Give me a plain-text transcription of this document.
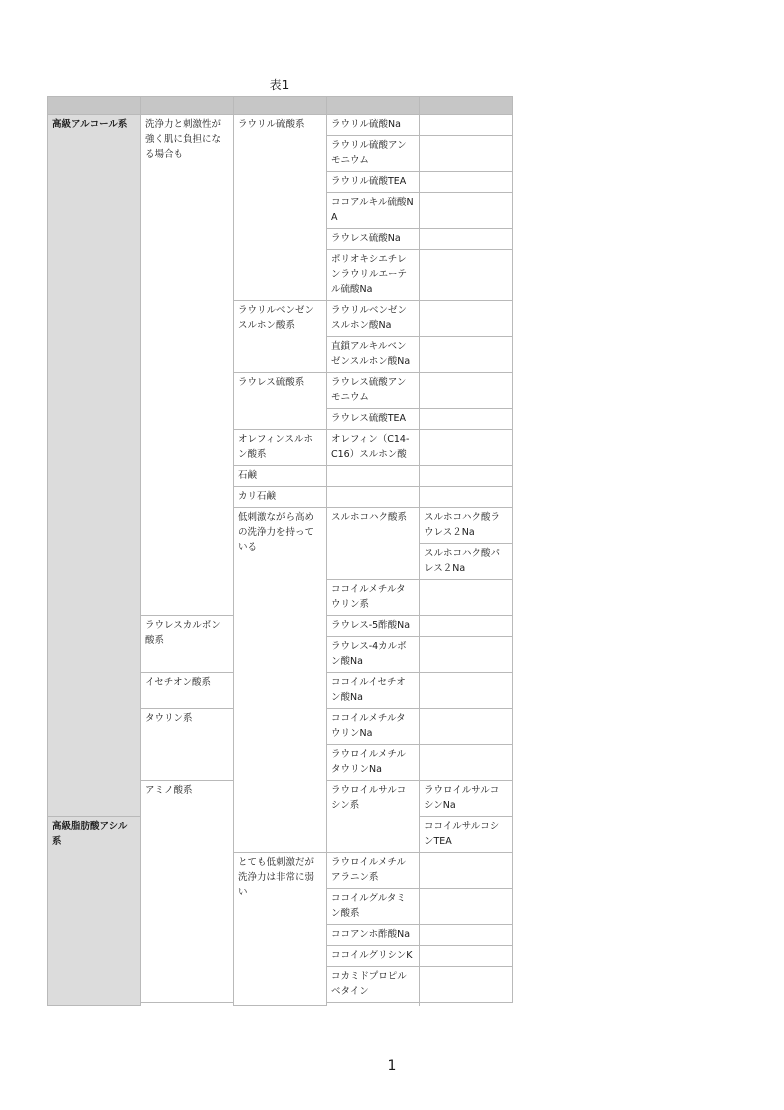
表1

高級アルコール系	洗浄力と刺激性が強く肌に負担になる場合も	ラウリル硫酸系	ラウリル硫酸Na		
			ラウリル硫酸アンモニウム		
			ラウリル硫酸TEA		
			ココアルキル硫酸NA		
			ラウレス硫酸Na		
			ポリオキシエチレンラウリルエーテル硫酸Na		
		ラウリルベンゼンスルホン酸系	ラウリルベンゼンスルホン酸Na		
			直鎖アルキルベンゼンスルホン酸Na		
		ラウレス硫酸系	ラウレス硫酸アンモニウム		
			ラウレス硫酸TEA		
		オレフィンスルホン酸系	オレフィン（C14-C16）スルホン酸		
		石鹸			
		カリ石鹸			
		低刺激ながら高めの洗浄力を持っている	スルホコハク酸系	スルホコハク酸ラウレス２Na	
				スルホコハク酸パレス２Na	
			ココイルメチルタウリン系		
	ラウレスカルボン酸系		ラウレス-5酢酸Na		
			ラウレス-4カルボン酸Na		
	イセチオン酸系		ココイルイセチオン酸Na		
	タウリン系		ココイルメチルタウリンNa		
			ラウロイルメチルタウリンNa		
	アミノ酸系		ラウロイルサルコシン系	ラウロイルサルコシンNa	
高級脂肪酸アシル系				ココイルサルコシンTEA	
		とても低刺激だが洗浄力は非常に弱い	ラウロイルメチルアラニン系		
			ココイルグルタミン酸系		
			ココアンホ酢酸Na		
			ココイルグリシンK		
			コカミドプロピルベタイン		

1
